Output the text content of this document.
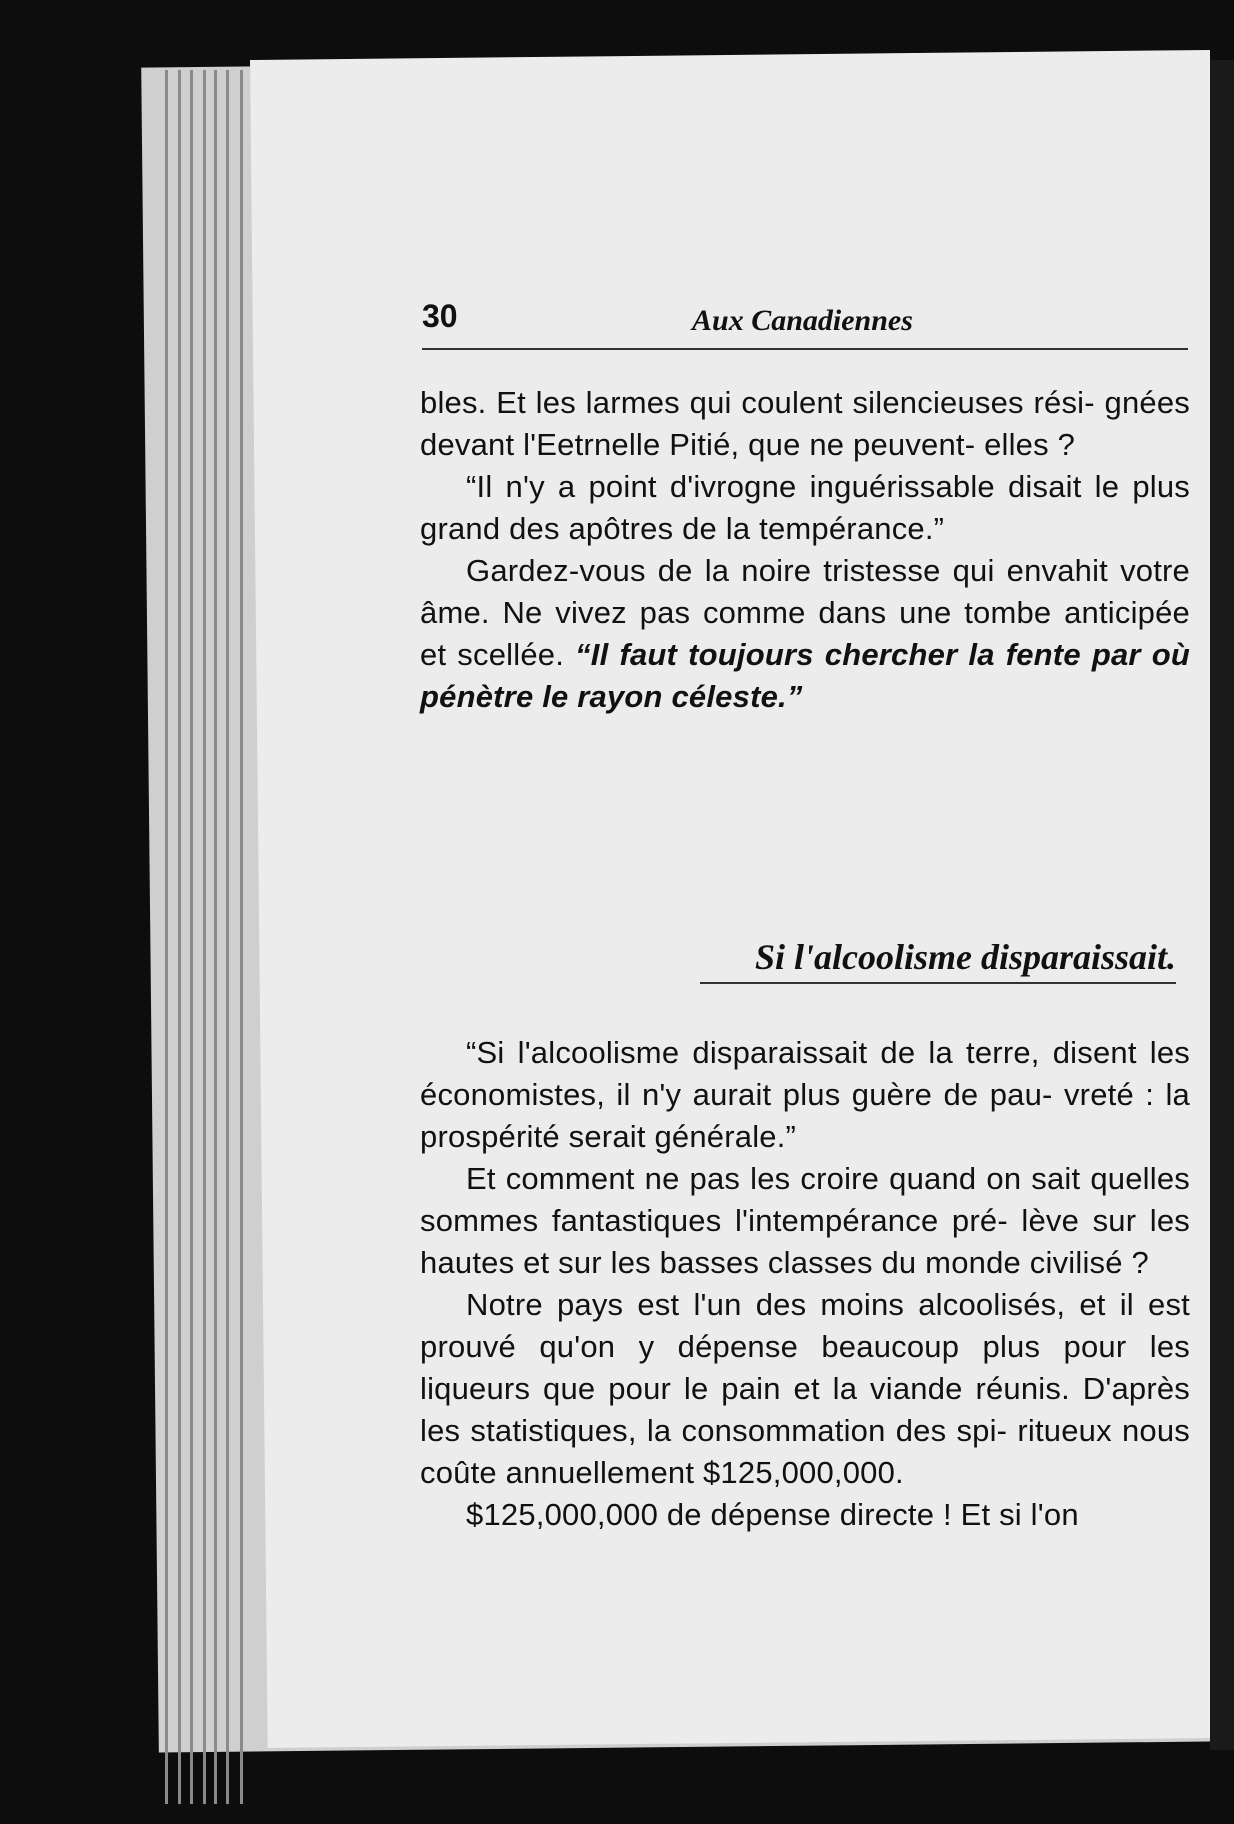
30	Aux Canadiennes

bles. Et les larmes qui coulent silencieuses rési- gnées devant l'Eetrnelle Pitié, que ne peuvent- elles ?

“Il n'y a point d'ivrogne inguérissable disait le plus grand des apôtres de la tempérance.”

Gardez-vous de la noire tristesse qui envahit votre âme. Ne vivez pas comme dans une tombe anticipée et scellée. “Il faut toujours chercher la fente par où pénètre le rayon céleste.”

Si l'alcoolisme disparaissait.

“Si l'alcoolisme disparaissait de la terre, disent les économistes, il n'y aurait plus guère de pau- vreté : la prospérité serait générale.”

Et comment ne pas les croire quand on sait quelles sommes fantastiques l'intempérance pré- lève sur les hautes et sur les basses classes du monde civilisé ?

Notre pays est l'un des moins alcoolisés, et il est prouvé qu'on y dépense beaucoup plus pour les liqueurs que pour le pain et la viande réunis. D'après les statistiques, la consommation des spi- ritueux nous coûte annuellement $125,000,000.

$125,000,000 de dépense directe ! Et si l'on
